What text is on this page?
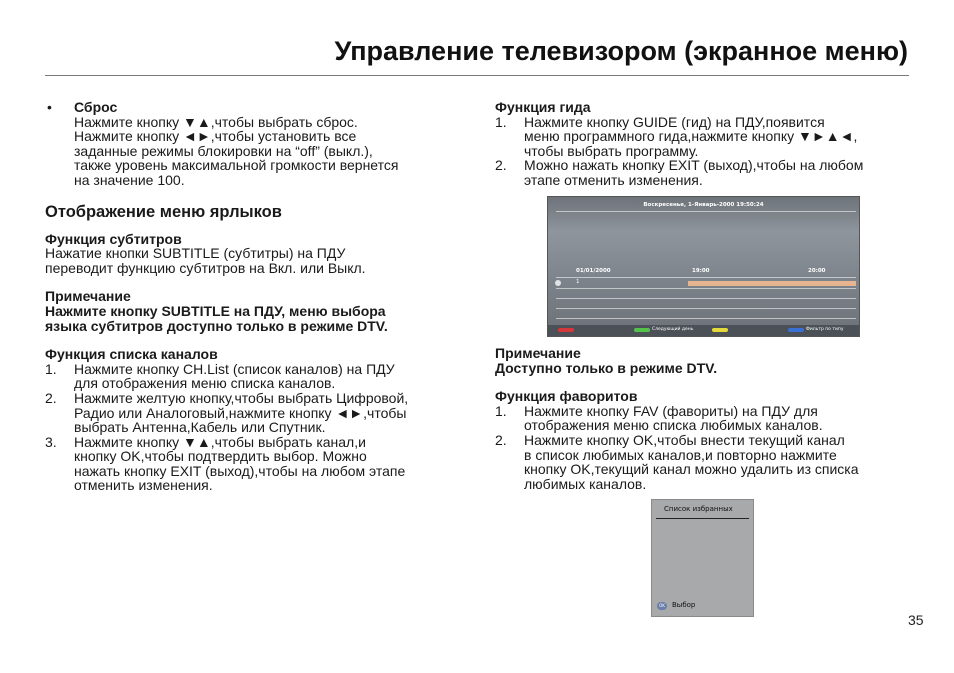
Управление телевизором (экранное меню)
•	Сброс
Нажмите кнопку ▼▲,чтобы выбрать сброс.
Нажмите кнопку ◄►,чтобы установить все
заданные режимы блокировки на “off” (выкл.),
также уровень максимальной громкости вернется
на значение 100.
Отображение меню ярлыков
Функция субтитров
Нажатие кнопки SUBTITLE (субтитры) на ПДУ
переводит функцию субтитров на Вкл. или Выкл.
Примечание
Нажмите кнопку SUBTITLE на ПДУ, меню выбора
языка субтитров доступно только в режиме DTV.
Функция списка каналов
1.	Нажмите кнопку CH.List (список каналов) на ПДУ
для отображения меню списка каналов.
2.	Нажмите желтую кнопку,чтобы выбрать Цифровой,
Радио или Аналоговый,нажмите кнопку ◄►,чтобы
выбрать Антенна,Кабель или Спутник.
3.	Нажмите кнопку ▼▲,чтобы выбрать канал,и
кнопку OK,чтобы подтвердить выбор. Можно
нажать кнопку EXIT (выход),чтобы на любом этапе
отменить изменения.
Функция гида
1.	Нажмите кнопку GUIDE (гид) на ПДУ,появится
меню программного гида,нажмите кнопку ▼►▲◄,
чтобы выбрать программу.
2.	Можно нажать кнопку EXIT (выход),чтобы на любом
этапе отменить изменения.
Воскресенье, 1-Январь-2000 19:50:24
01/01/2000	19:00	20:00
1
Следующий день	Фильтр по типу
Примечание
Доступно только в режиме DTV.
Функция фаворитов
1.	Нажмите кнопку FAV (фавориты) на ПДУ для
отображения меню списка любимых каналов.
2.	Нажмите кнопку OK,чтобы внести текущий канал
в список любимых каналов,и повторно нажмите
кнопку OK,текущий канал можно удалить из списка
любимых каналов.
Список избранных
OK	Выбор
35
